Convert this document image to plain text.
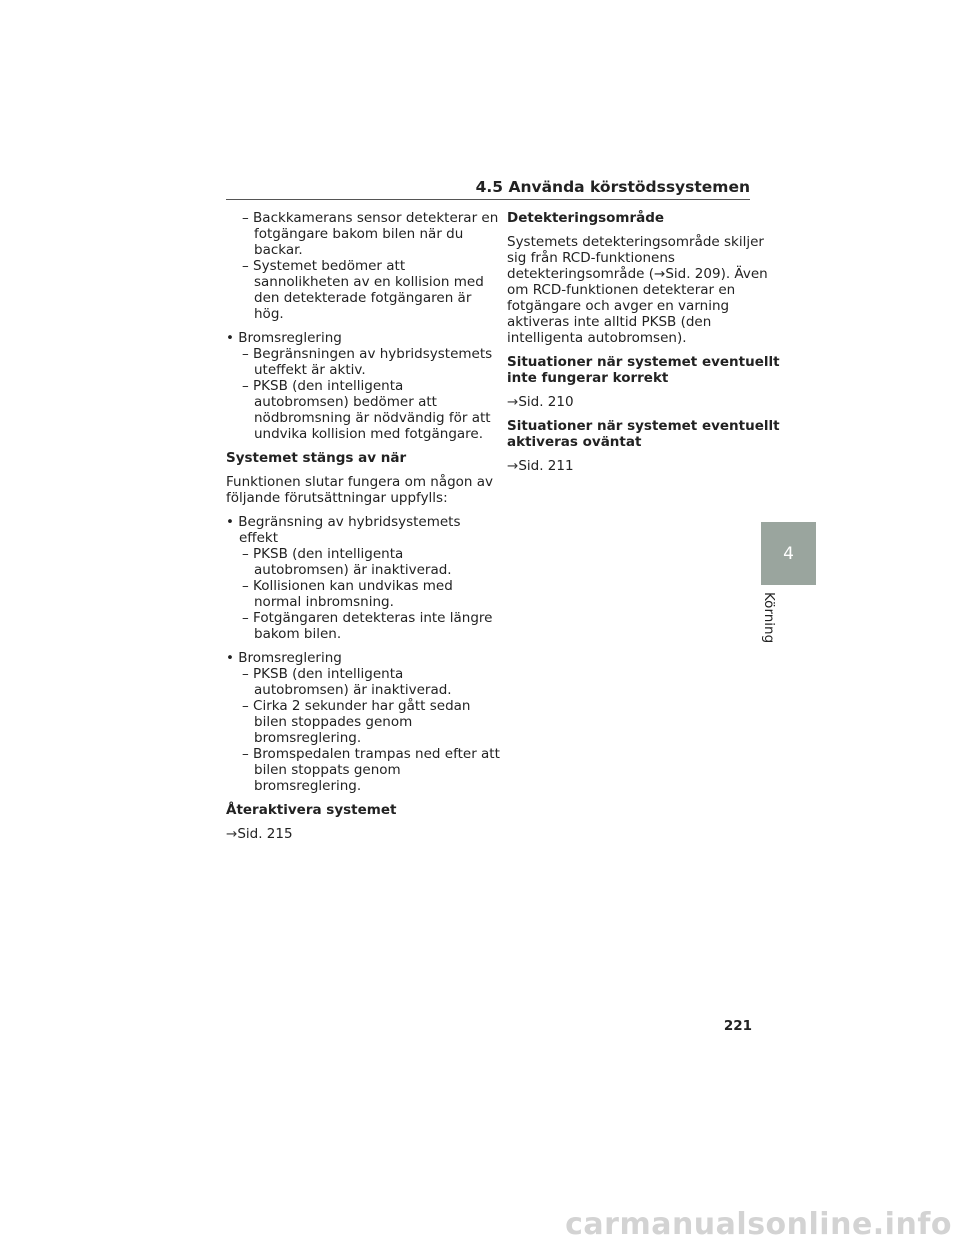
4.5 Använda körstödssystemen
– Backkamerans sensor detekterar en
fotgängare bakom bilen när du
backar.
– Systemet bedömer att
sannolikheten av en kollision med
den detekterade fotgängaren är
hög.
• Bromsreglering
– Begränsningen av hybridsystemets
uteffekt är aktiv.
– PKSB (den intelligenta
autobromsen) bedömer att
nödbromsning är nödvändig för att
undvika kollision med fotgängare.
Systemet stängs av när
Funktionen slutar fungera om någon av
följande förutsättningar uppfylls:
• Begränsning av hybridsystemets
effekt
– PKSB (den intelligenta
autobromsen) är inaktiverad.
– Kollisionen kan undvikas med
normal inbromsning.
– Fotgängaren detekteras inte längre
bakom bilen.
• Bromsreglering
– PKSB (den intelligenta
autobromsen) är inaktiverad.
– Cirka 2 sekunder har gått sedan
bilen stoppades genom
bromsreglering.
– Bromspedalen trampas ned efter att
bilen stoppats genom
bromsreglering.
Återaktivera systemet
→Sid. 215
Detekteringsområde
Systemets detekteringsområde skiljer
sig från RCD-funktionens
detekteringsområde (→Sid. 209). Även
om RCD-funktionen detekterar en
fotgängare och avger en varning
aktiveras inte alltid PKSB (den
intelligenta autobromsen).
Situationer när systemet eventuellt
inte fungerar korrekt
→Sid. 210
Situationer när systemet eventuellt
aktiveras oväntat
→Sid. 211
4
Körning
221
carmanualsonline.info
